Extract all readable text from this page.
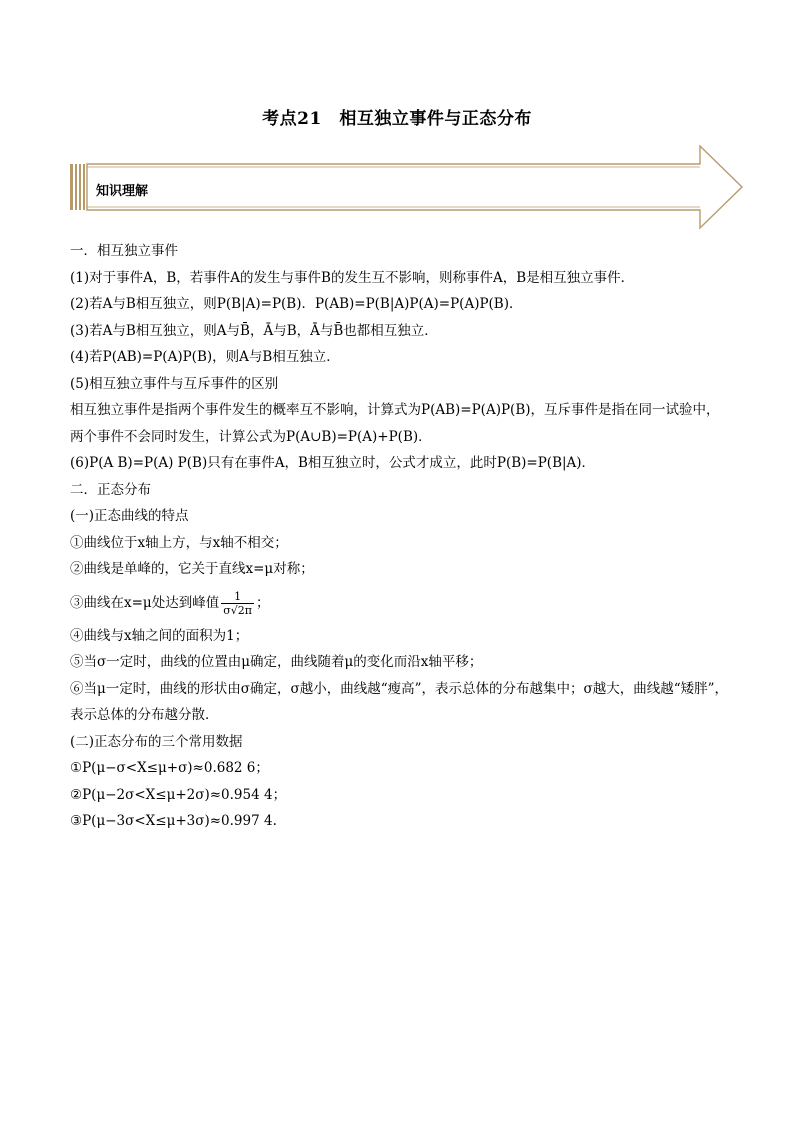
考点21　相互独立事件与正态分布
知识理解
一．相互独立事件
(1)对于事件A，B，若事件A的发生与事件B的发生互不影响，则称事件A，B是相互独立事件．
(2)若A与B相互独立，则P(B|A)=P(B)．P(AB)=P(B|A)P(A)=P(A)P(B)．
(3)若A与B相互独立，则A与B̄，Ā与B，Ā与B̄也都相互独立．
(4)若P(AB)=P(A)P(B)，则A与B相互独立．
(5)相互独立事件与互斥事件的区别
相互独立事件是指两个事件发生的概率互不影响，计算式为P(AB)=P(A)P(B)，互斥事件是指在同一试验中，两个事件不会同时发生，计算公式为P(A∪B)=P(A)+P(B)．
(6)P(A B)=P(A) P(B)只有在事件A，B相互独立时，公式才成立，此时P(B)=P(B|A)．
二．正态分布
(一)正态曲线的特点
①曲线位于x轴上方，与x轴不相交；
②曲线是单峰的，它关于直线x=μ对称；
③曲线在x=μ处达到峰值 $\frac{1}{\sigma√2\pi}$ ；
④曲线与x轴之间的面积为1；
⑤当σ一定时，曲线的位置由μ确定，曲线随着μ的变化而沿x轴平移；
⑥当μ一定时，曲线的形状由σ确定，σ越小，曲线越“瘦高”，表示总体的分布越集中；σ越大，曲线越“矮胖”，表示总体的分布越分散．
(二)正态分布的三个常用数据
①P(μ−σ<X≤μ+σ)≈0.682 6；
②P(μ−2σ<X≤μ+2σ)≈0.954 4；
③P(μ−3σ<X≤μ+3σ)≈0.997 4.
